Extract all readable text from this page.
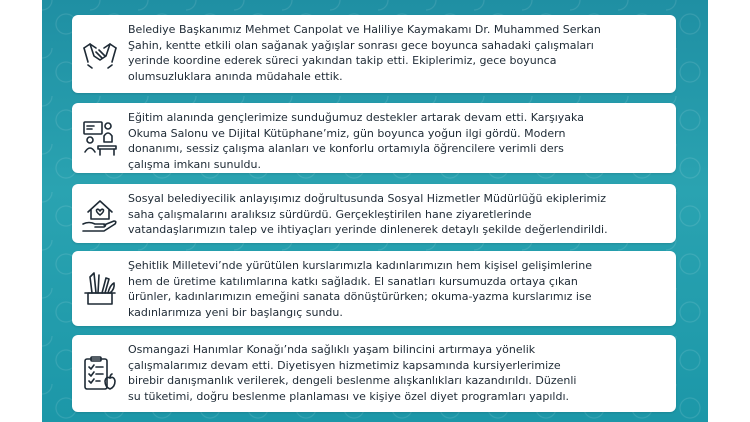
Belediye Başkanımız Mehmet Canpolat ve Haliliye Kaymakamı Dr. Muhammed Serkan
Şahin, kentte etkili olan sağanak yağışlar sonrası gece boyunca sahadaki çalışmaları
yerinde koordine ederek süreci yakından takip etti. Ekiplerimiz, gece boyunca
olumsuzluklara anında müdahale ettik.
Eğitim alanında gençlerimize sunduğumuz destekler artarak devam etti. Karşıyaka
Okuma Salonu ve Dijital Kütüphane’miz, gün boyunca yoğun ilgi gördü. Modern
donanımı, sessiz çalışma alanları ve konforlu ortamıyla öğrencilere verimli ders
çalışma imkanı sunuldu.
Sosyal belediyecilik anlayışımız doğrultusunda Sosyal Hizmetler Müdürlüğü ekiplerimiz
saha çalışmalarını aralıksız sürdürdü. Gerçekleştirilen hane ziyaretlerinde
vatandaşlarımızın talep ve ihtiyaçları yerinde dinlenerek detaylı şekilde değerlendirildi.
Şehitlik Milletevi’nde yürütülen kurslarımızla kadınlarımızın hem kişisel gelişimlerine
hem de üretime katılımlarına katkı sağladık. El sanatları kursumuzda ortaya çıkan
ürünler, kadınlarımızın emeğini sanata dönüştürürken; okuma-yazma kurslarımız ise
kadınlarımıza yeni bir başlangıç sundu.
Osmangazi Hanımlar Konağı’nda sağlıklı yaşam bilincini artırmaya yönelik
çalışmalarımız devam etti. Diyetisyen hizmetimiz kapsamında kursiyerlerimize
birebir danışmanlık verilerek, dengeli beslenme alışkanlıkları kazandırıldı. Düzenli
su tüketimi, doğru beslenme planlaması ve kişiye özel diyet programları yapıldı.
